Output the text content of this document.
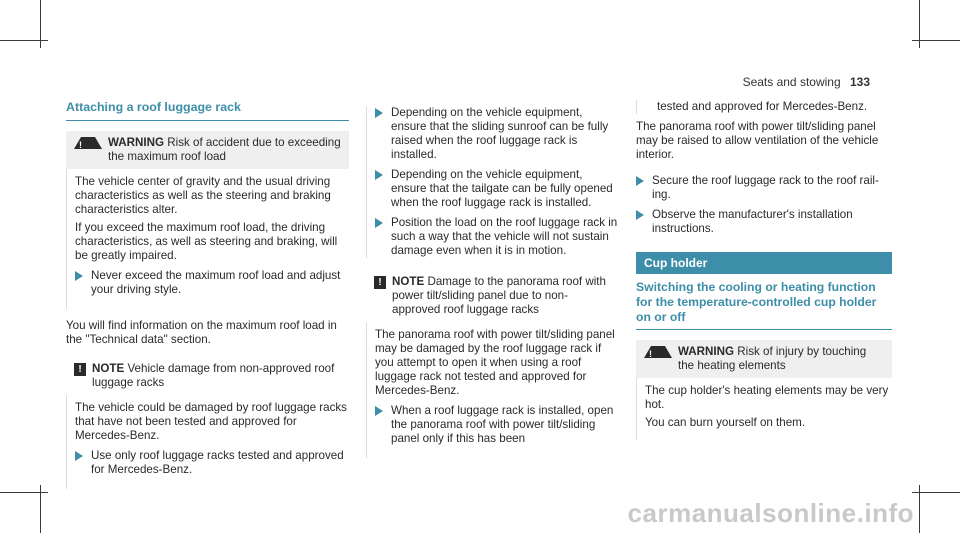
Seats and stowing 133
Attaching a roof luggage rack
!
WARNING Risk of accident due to exceeding the maximum roof load

The vehicle center of gravity and the usual driving characteristics as well as the steering and braking characteristics alter.

If you exceed the maximum roof load, the driving characteristics, as well as steering and braking, will be greatly impaired.

Never exceed the maximum roof load and adjust your driving style.

You will find information on the maximum roof load in the "Technical data" section.

! NOTE Vehicle damage from non-approved roof luggage racks

The vehicle could be damaged by roof luggage racks that have not been tested and approved for Mercedes-Benz.

Use only roof luggage racks tested and approved for Mercedes-Benz.
Depending on the vehicle equipment, ensure that the sliding sunroof can be fully raised when the roof luggage rack is installed.
Depending on the vehicle equipment, ensure that the tailgate can be fully opened when the roof luggage rack is installed.
Position the load on the roof luggage rack in such a way that the vehicle will not sustain damage even when it is in motion.
! NOTE Damage to the panorama roof with power tilt/sliding panel due to non-approved roof luggage racks

The panorama roof with power tilt/sliding panel may be damaged by the roof luggage rack if you attempt to open it when using a roof luggage rack not tested and approved for Mercedes-Benz.

When a roof luggage rack is installed, open the panorama roof with power tilt/sliding panel only if this has been

tested and approved for Mercedes-Benz.

The panorama roof with power tilt/sliding panel may be raised to allow ventilation of the vehicle interior.

Secure the roof luggage rack to the roof rail-ing.
Observe the manufacturer's installation instructions.
Cup holder
Switching the cooling or heating function for the temperature-controlled cup holder on or off
!
WARNING Risk of injury by touching the heating elements

The cup holder's heating elements may be very hot.

You can burn yourself on them.

carmanualsonline.info
